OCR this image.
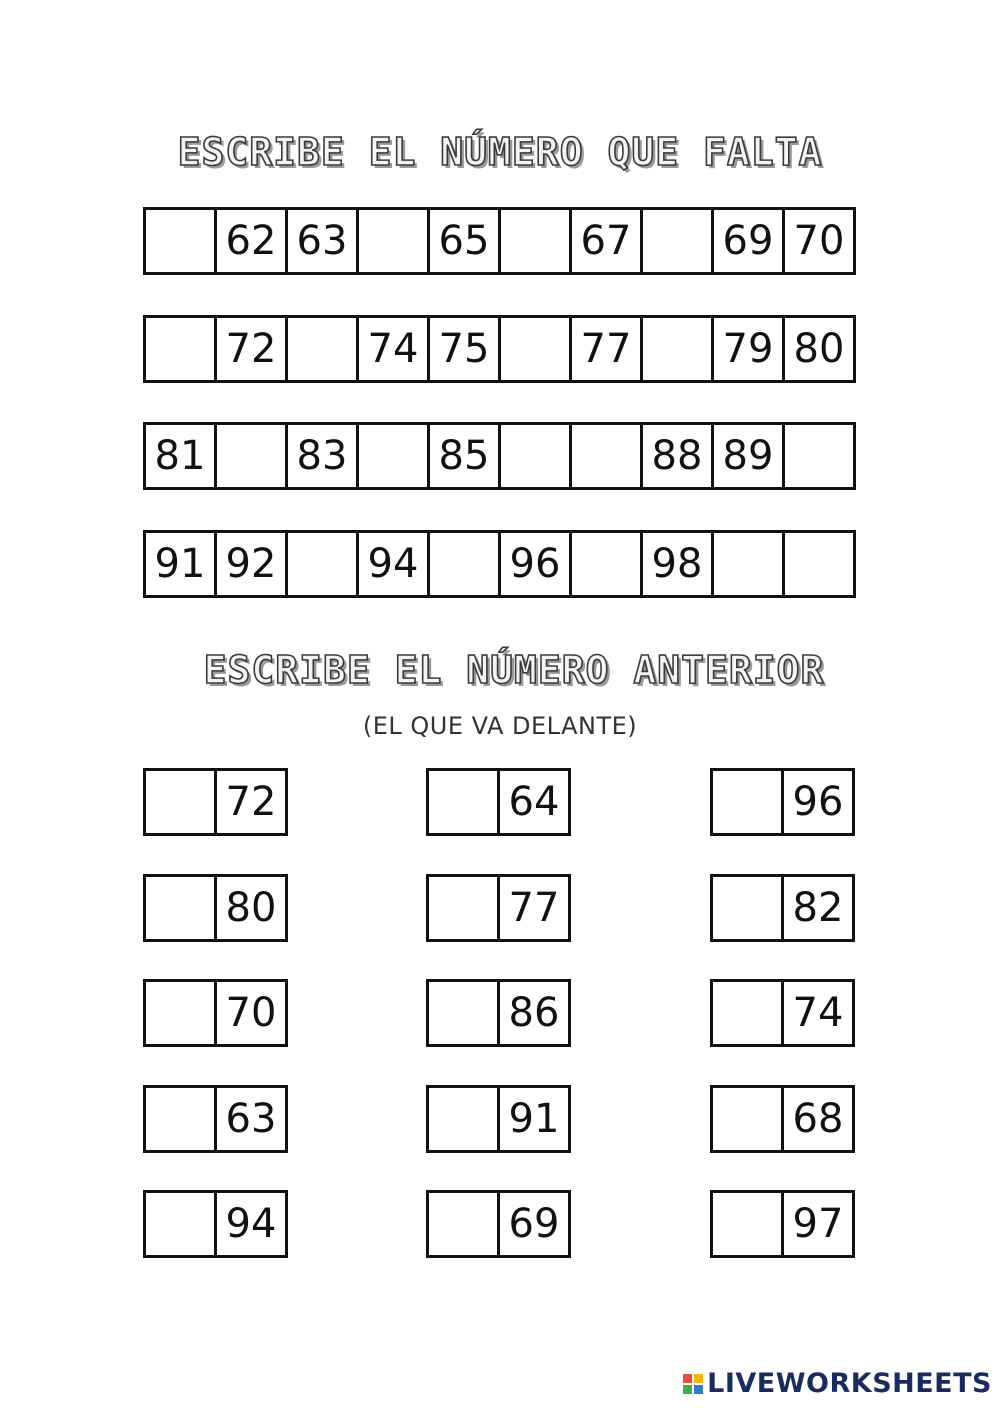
ESCRIBE EL NÚMERO QUE FALTA
62 63 65 67 69 70
72 74 75 77 79 80
81 83 85	88 89
91 92 94 96 98
ESCRIBE EL NÚMERO ANTERIOR
(EL QUE VA DELANTE)
72	64	96
80	77	82
70	86	74
63	91	68
94	69	97
LIVEWORKSHEETS
